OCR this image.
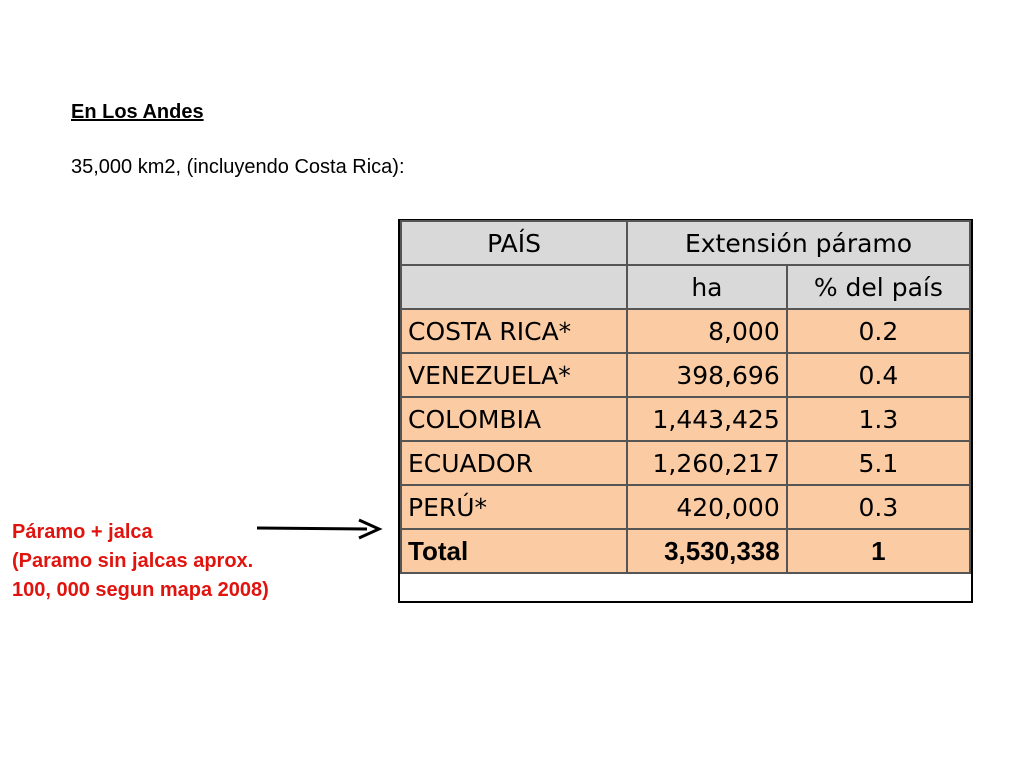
En Los Andes
35,000 km2, (incluyendo Costa Rica):
PAÍS	Extensión páramo	
	ha	% del país
COSTA RICA*	8,000	0.2
VENEZUELA*	398,696	0.4
COLOMBIA	1,443,425	1.3
ECUADOR	1,260,217	5.1
PERÚ*	420,000	0.3
Total	3,530,338	1
Páramo + jalca
(Paramo sin jalcas aprox.
100, 000 segun mapa 2008)
